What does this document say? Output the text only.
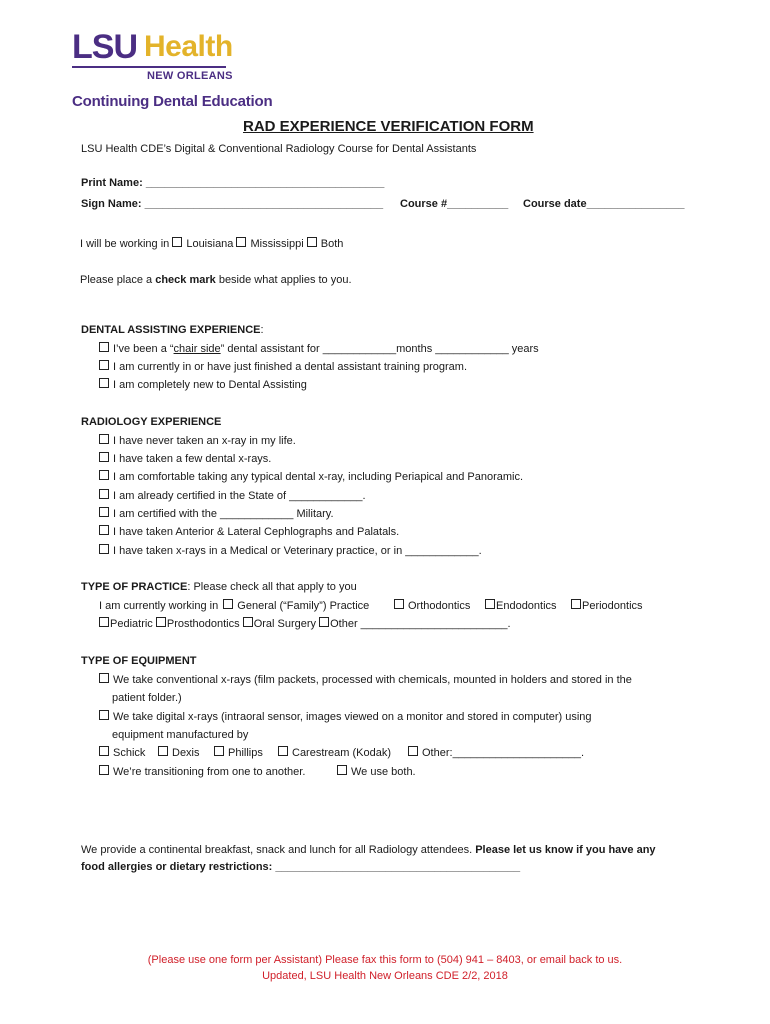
LSU Health
NEW ORLEANS
Continuing Dental Education
RAD EXPERIENCE VERIFICATION FORM
LSU Health CDE’s Digital & Conventional Radiology Course for Dental Assistants
Print Name: _______________________________________
Sign Name: _______________________________________ Course #__________ Course date________________
I will be working in Louisiana Mississippi Both
Please place a check mark beside what applies to you.
DENTAL ASSISTING EXPERIENCE:
I’ve been a “chair side” dental assistant for ____________months ____________ years
I am currently in or have just finished a dental assistant training program.
I am completely new to Dental Assisting
RADIOLOGY EXPERIENCE
I have never taken an x-ray in my life.
I have taken a few dental x-rays.
I am comfortable taking any typical dental x-ray, including Periapical and Panoramic.
I am already certified in the State of ____________.
I am certified with the ____________ Military.
I have taken Anterior & Lateral Cephlographs and Palatals.
I have taken x-rays in a Medical or Veterinary practice, or in ____________.
TYPE OF PRACTICE: Please check all that apply to you
I am currently working in General (“Family”) Practice	Orthodontics	Endodontics	Periodontics
Pediatric Prosthodontics Oral Surgery Other ________________________.
TYPE OF EQUIPMENT
We take conventional x-rays (film packets, processed with chemicals, mounted in holders and stored in the
patient folder.)
We take digital x-rays (intraoral sensor, images viewed on a monitor and stored in computer) using
equipment manufactured by
Schick	Dexis	Phillips	Carestream (Kodak)	Other:_____________________.
We’re transitioning from one to another.	We use both.
We provide a continental breakfast, snack and lunch for all Radiology attendees. Please let us know if you have any
food allergies or dietary restrictions: ________________________________________
(Please use one form per Assistant) Please fax this form to (504) 941 – 8403, or email back to us.
Updated, LSU Health New Orleans CDE 2/2, 2018
